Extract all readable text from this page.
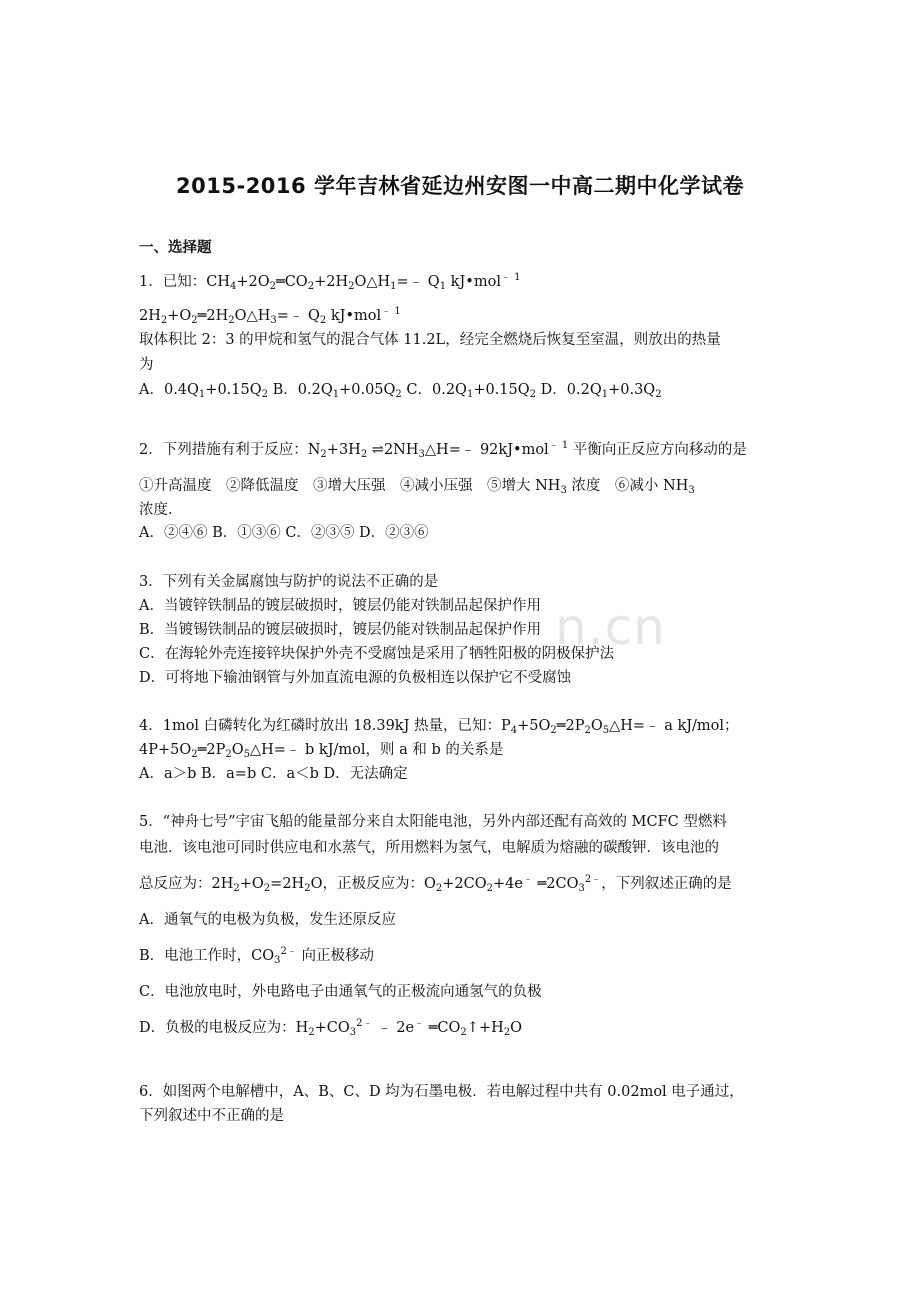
n.cn
2015-2016 学年吉林省延边州安图一中高二期中化学试卷
一、选择题
1．已知：$CH_4+2O_2═CO_2+2H_2O\triangle H_1=﹣$ $Q_1$ kJ•mol$^{﹣ 1}$
$2H_2+O_2═2H_2O\triangle H_3=﹣$ $Q_2$ kJ•mol$^{﹣ 1}$
取体积比 2：3 的甲烷和氢气的混合气体 11.2L，经完全燃烧后恢复至室温，则放出的热量
为
A．$0.4Q_1+0.15Q_2$ B．$0.2Q_1+0.05Q_2$ C．$0.2Q_1+0.15Q_2$ D．$0.2Q_1+0.3Q_2$
2．下列措施有利于反应：$N_2+3H_2$ $\rightleftharpoons 2NH_3\triangle H=﹣$ 92kJ•mol$^{﹣ 1}$ 平衡向正反应方向移动的是
①升高温度　②降低温度　③增大压强　④减小压强　⑤增大 $NH_3$ 浓度　⑥减小 $NH_3$
浓度．
A．②④⑥ B．①③⑥ C．②③⑤ D．②③⑥
3．下列有关金属腐蚀与防护的说法不正确的是
A．当镀锌铁制品的镀层破损时，镀层仍能对铁制品起保护作用
B．当镀锡铁制品的镀层破损时，镀层仍能对铁制品起保护作用
C．在海轮外壳连接锌块保护外壳不受腐蚀是采用了牺牲阳极的阴极保护法
D．可将地下输油钢管与外加直流电源的负极相连以保护它不受腐蚀
4．1mol 白磷转化为红磷时放出 18.39kJ 热量，已知：$P_4+5O_2═2P_2O_5\triangle H=﹣$ a kJ/mol；
$4P+5O_2═2P_2O_5\triangle H=﹣$ b kJ/mol，则 a 和 b 的关系是
A．a＞b B．a=b C．a＜b D．无法确定
5．“神舟七号”宇宙飞船的能量部分来自太阳能电池，另外内部还配有高效的 MCFC 型燃料
电池．该电池可同时供应电和水蒸气，所用燃料为氢气，电解质为熔融的碳酸钾．该电池的
总反应为：$2H_2+O_2=2H_2O$，正极反应为：$O_2+2CO_2+4e^﹣$ $═2CO_3^{2﹣}$，下列叙述正确的是
A．通氧气的电极为负极，发生还原反应
B．电池工作时，$CO_3^{2﹣}$ 向正极移动
C．电池放电时，外电路电子由通氧气的正极流向通氢气的负极
D．负极的电极反应为：$H_2+CO_3^{2﹣}$ ﹣ 2e﹣ $═CO_2↑+H_2O$
6．如图两个电解槽中，A、B、C、D 均为石墨电极．若电解过程中共有 0.02mol 电子通过，
下列叙述中不正确的是
